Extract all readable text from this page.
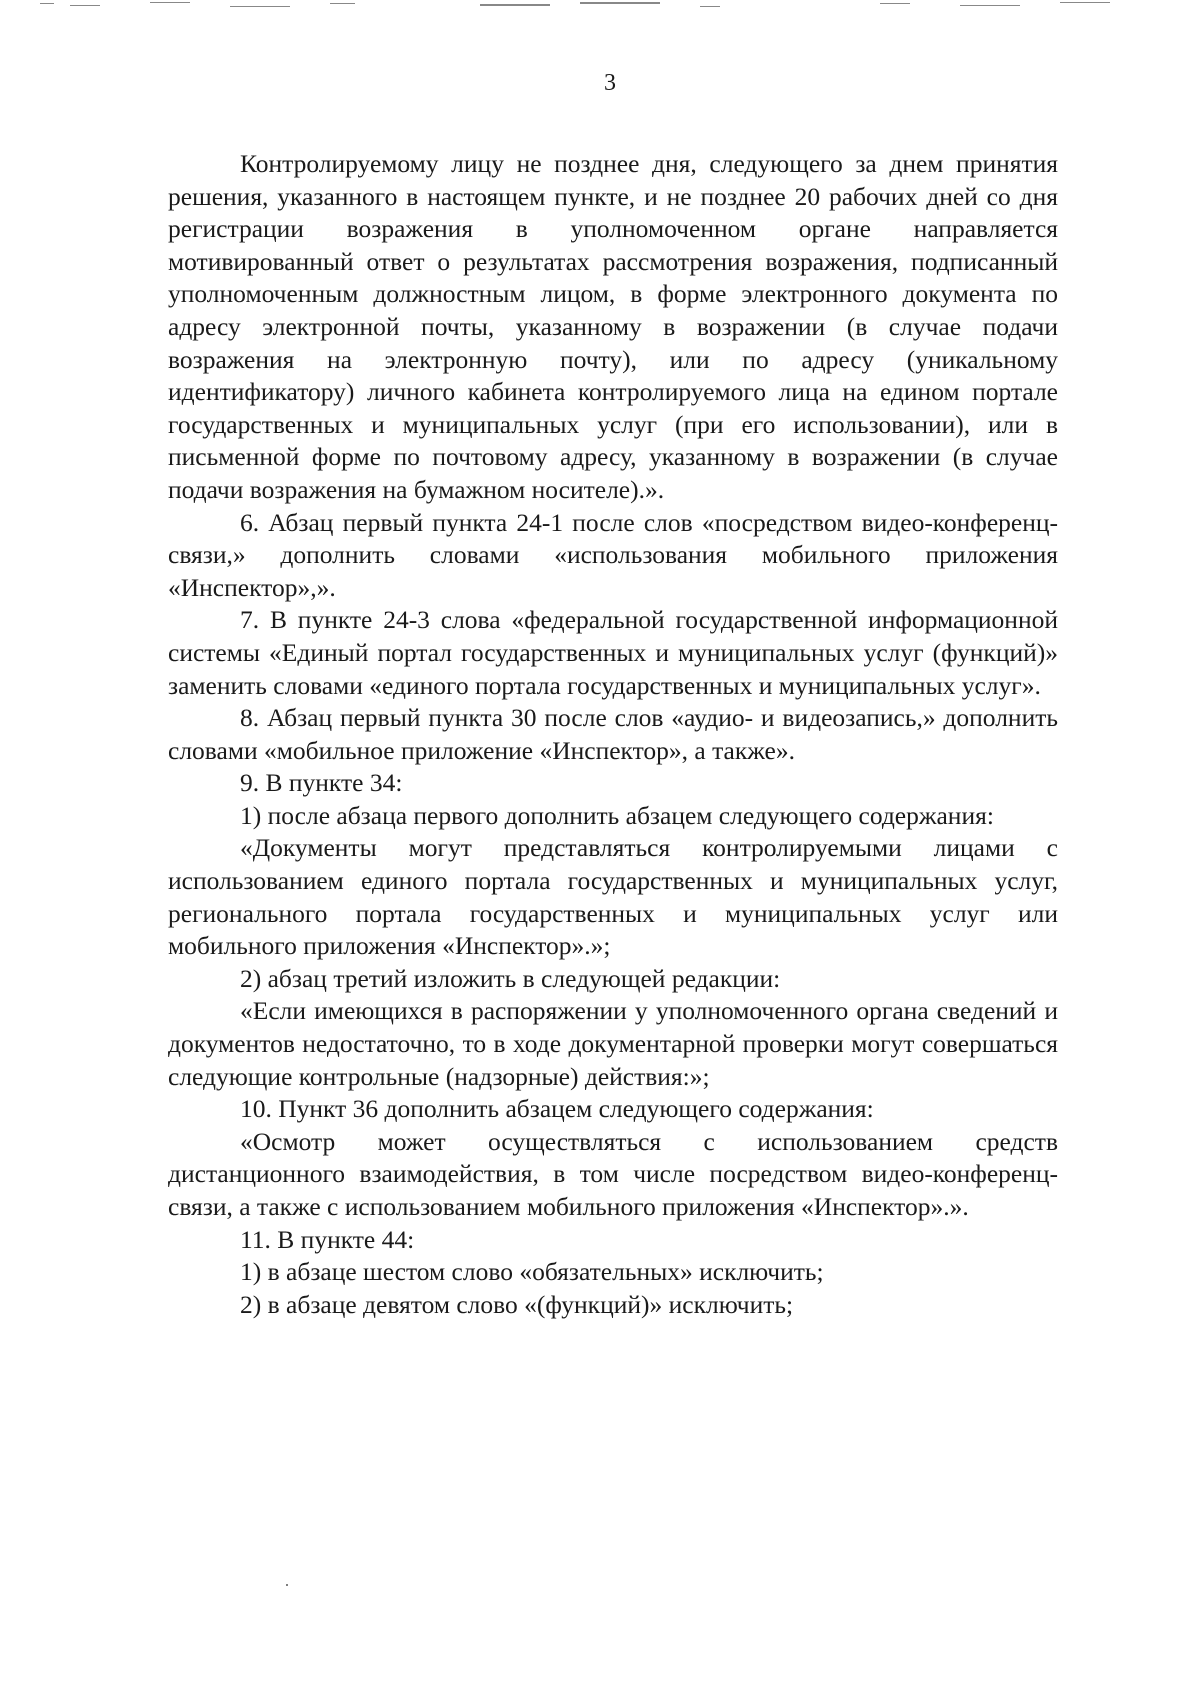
3

Контролируемому лицу не позднее дня, следующего за днем принятия решения, указанного в настоящем пункте, и не позднее 20 рабочих дней со дня регистрации возражения в уполномоченном органе направляется мотивированный ответ о результатах рассмотрения возражения, подписанный уполномоченным должностным лицом, в форме электронного документа по адресу электронной почты, указанному в возражении (в случае подачи возражения на электронную почту), или по адресу (уникальному идентификатору) личного кабинета контролируемого лица на едином портале государственных и муниципальных услуг (при его использовании), или в письменной форме по почтовому адресу, указанному в возражении (в случае подачи возражения на бумажном носителе).».

6. Абзац первый пункта 24-1 после слов «посредством видео-конференц-связи,» дополнить словами «использования мобильного приложения «Инспектор»,».

7. В пункте 24-3 слова «федеральной государственной информационной системы «Единый портал государственных и муниципальных услуг (функций)» заменить словами «единого портала государственных и муниципальных услуг».

8. Абзац первый пункта 30 после слов «аудио- и видеозапись,» дополнить словами «мобильное приложение «Инспектор», а также».

9. В пункте 34:

1) после абзаца первого дополнить абзацем следующего содержания:

«Документы могут представляться контролируемыми лицами с использованием единого портала государственных и муниципальных услуг, регионального портала государственных и муниципальных услуг или мобильного приложения «Инспектор».»;

2) абзац третий изложить в следующей редакции:

«Если имеющихся в распоряжении у уполномоченного органа сведений и документов недостаточно, то в ходе документарной проверки могут совершаться следующие контрольные (надзорные) действия:»;

10. Пункт 36 дополнить абзацем следующего содержания:

«Осмотр может осуществляться с использованием средств дистанционного взаимодействия, в том числе посредством видео-конференц-связи, а также с использованием мобильного приложения «Инспектор».».

11. В пункте 44:

1) в абзаце шестом слово «обязательных» исключить;

2) в абзаце девятом слово «(функций)» исключить;
